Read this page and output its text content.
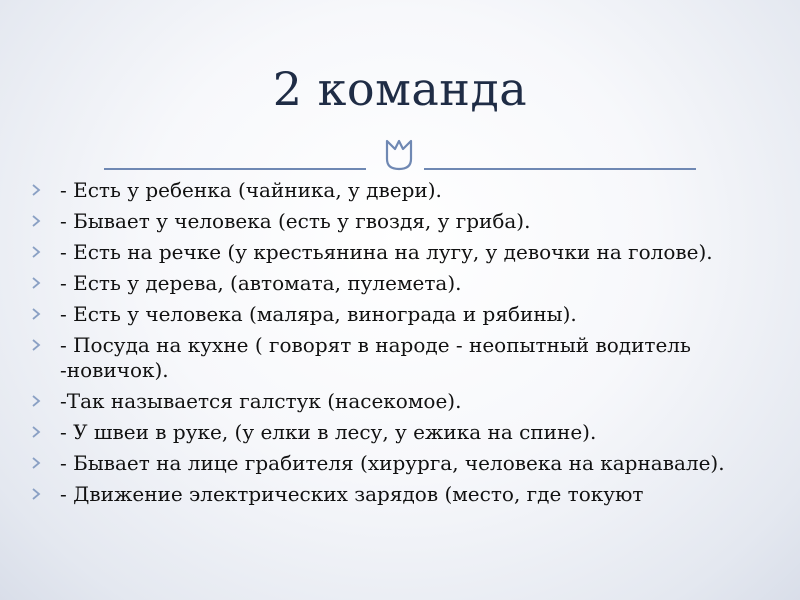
2 команда
- Есть у ребенка (чайника, у двери).
- Бывает у человека (есть у гвоздя, у гриба).
- Есть на речке (у крестьянина на лугу, у девочки на голове).
- Есть у дерева, (автомата, пулемета).
- Есть у человека (маляра, винограда и рябины).
- Посуда на кухне ( говорят в народе - неопытный водитель -новичок).
-Так называется галстук (насекомое).
- У швеи в руке, (у елки в лесу, у ежика на спине).
- Бывает на лице грабителя (хирурга, человека на карнавале).
- Движение электрических зарядов (место, где токуют
